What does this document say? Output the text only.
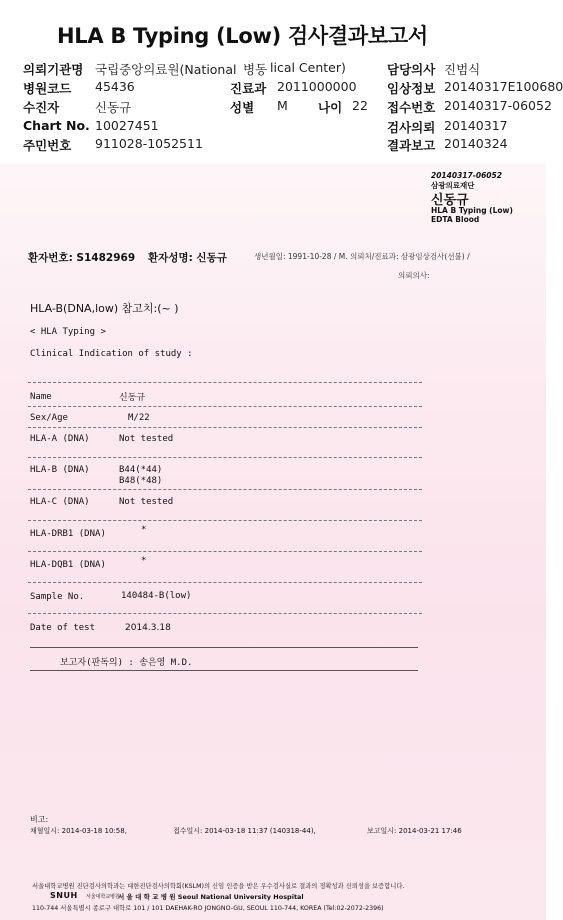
HLA B Typing (Low) 검사결과보고서
의뢰기관명 국립중앙의료원(National 병동 lical Center)	담당의사 진범식
병원코드 45436	진료과 2011000000 임상정보 20140317E100680
수진자	신동규	성별 M 나이 22 접수번호 20140317-06052
Chart No. 10027451	검사의뢰 20140317
주민번호 911028-1052511	결과보고 20140324
20140317-06052
삼광의료재단
신동규
HLA B Typing (Low)
EDTA Blood
환자번호: S1482969 환자성명: 신동규	생년월일: 1991-10-28 / M. 의뢰처/진료과: 삼광임상검사(선불) /
의뢰의사:
HLA-B(DNA,low) 참고치:(~ )
< HLA Typing >
Clinical Indication of study :
Name	신동규
Sex/Age	M/22
HLA-A (DNA)	Not tested
HLA-B (DNA)	B44(*44)
B48(*48)
HLA-C (DNA)	Not tested
HLA-DRB1 (DNA)	*
HLA-DQB1 (DNA)	*
Sample No.	140484-B(low)
Date of test	2014.3.18
보고자(판독의) : 송은영 M.D.
비고:
채혈일시: 2014-03-18 10:58,	접수일시: 2014-03-18 11:37 (140318-44),	보고일시: 2014-03-21 17:46
서울대학교병원 진단검사의학과는 대한진단검사의학회(KSLM)의 신임 인증을 받은 우수검사실로 결과의 정확성과 신뢰성을 보증합니다.
SNUH 서울대학교병원
서 울 대 학 교 병 원 Seoul National University Hospital
110-744 서울특별시 종로구 대학로 101 / 101 DAEHAK-RO JONGNO-GU, SEOUL 110-744, KOREA (Tel:02-2072-2396)
